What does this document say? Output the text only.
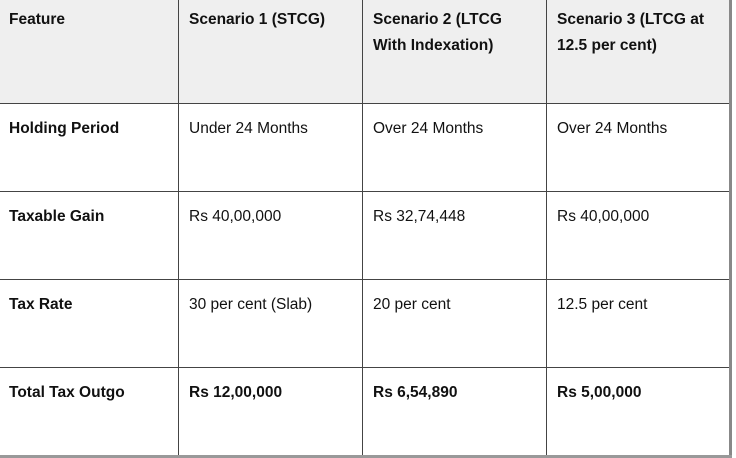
Feature	Scenario 1 (STCG)	Scenario 2 (LTCG With Indexation)	Scenario 3 (LTCG at 12.5 per cent)
Holding Period	Under 24 Months	Over 24 Months	Over 24 Months
Taxable Gain	Rs 40,00,000	Rs 32,74,448	Rs 40,00,000
Tax Rate	30 per cent (Slab)	20 per cent	12.5 per cent
Total Tax Outgo	Rs 12,00,000	Rs 6,54,890	Rs 5,00,000
